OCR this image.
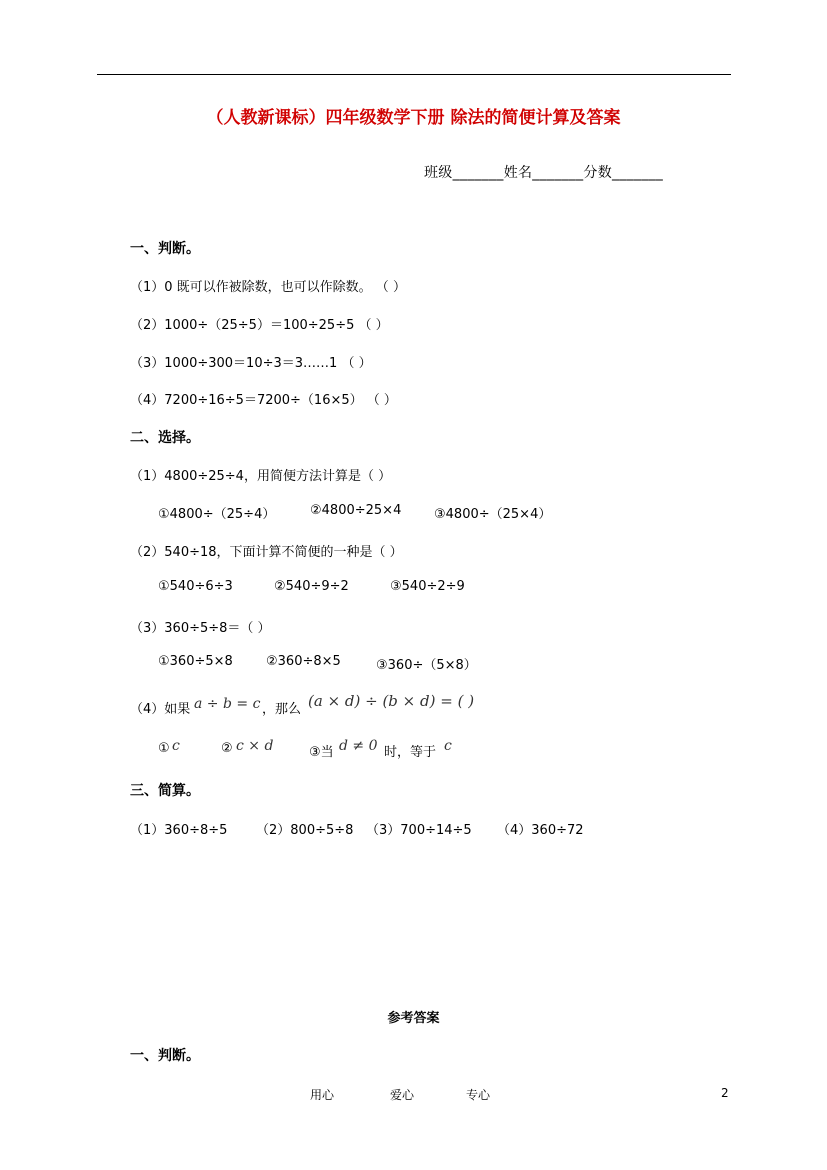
（人教新课标）四年级数学下册 除法的简便计算及答案
班级_______姓名_______分数_______
一、判断。
（1）0 既可以作被除数，也可以作除数。 （ ）
（2）1000÷（25÷5）＝100÷25÷5 （ ）
（3）1000÷300＝10÷3＝3……1 （ ）
（4）7200÷16÷5＝7200÷（16×5） （ ）
二、选择。
（1）4800÷25÷4，用简便方法计算是（ ）
①4800÷（25÷4）	②4800÷25×4	③4800÷（25×4）
（2）540÷18，下面计算不简便的一种是（ ）
①540÷6÷3	②540÷9÷2	③540÷2÷9
（3）360÷5÷8＝（ ）
①360÷5×8	②360÷8×5	③360÷（5×8）
（4）如果 a ÷ b = c ，那么 (a × d) ÷ (b × d) = ( )
① c	② c × d	③当 d ≠ 0 时，等于 c
三、简算。
（1）360÷8÷5 （2）800÷5÷8 （3）700÷14÷5 （4）360÷72
参考答案
一、判断。
用心	爱心	专心	2
